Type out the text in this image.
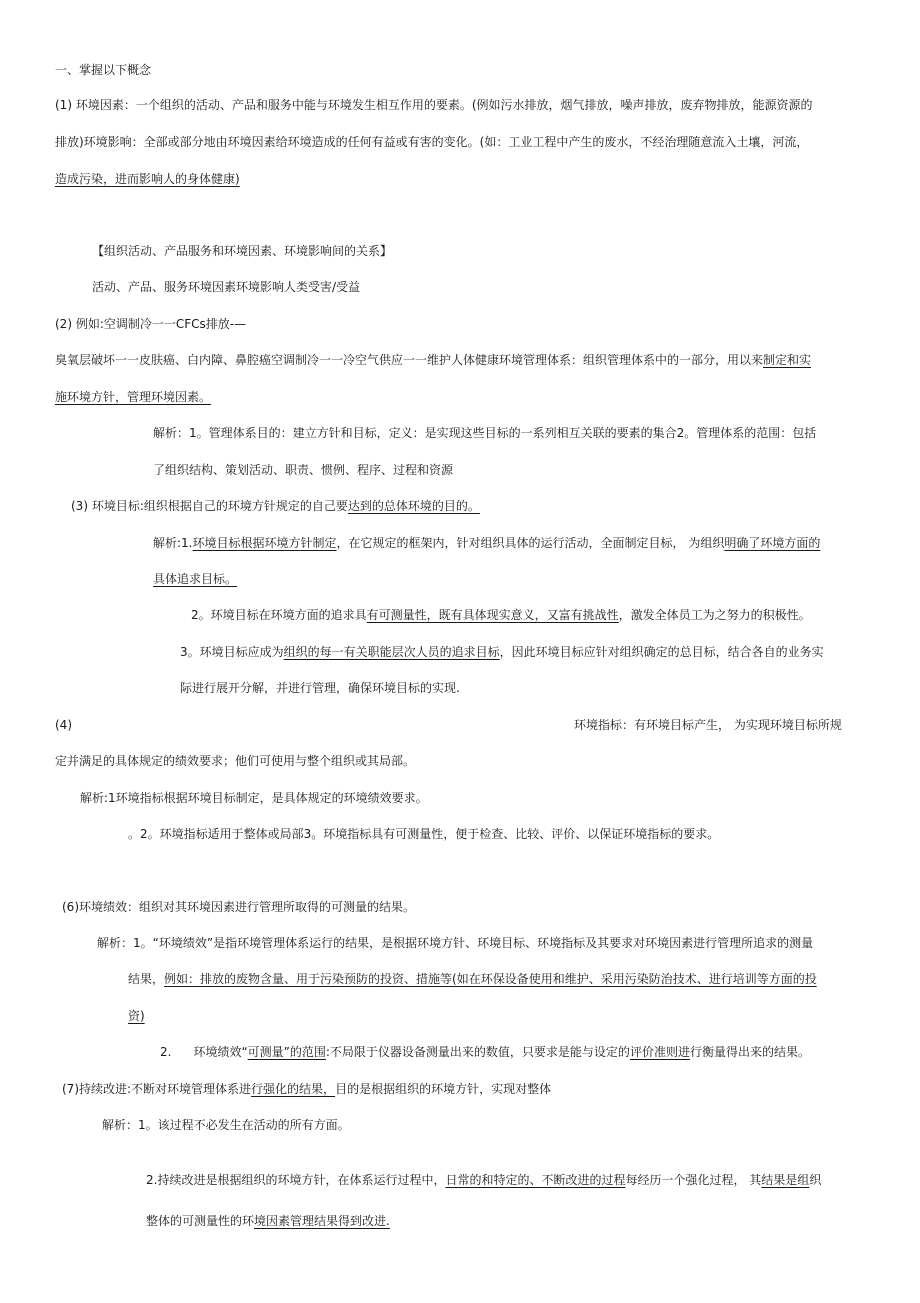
一、掌握以下概念

(1) 环境因素：一个组织的活动、产品和服务中能与环境发生相互作用的要素。(例如污水排放，烟气排放，噪声排放，废弃物排放，能源资源的

排放)环境影响：全部或部分地由环境因素给环境造成的任何有益或有害的变化。(如：工业工程中产生的废水，不经治理随意流入土壤，河流，

造成污染，进而影响人的身体健康)

【组织活动、产品服务和环境因素、环境影响间的关系】

活动、产品、服务环境因素环境影响人类受害/受益

(2) 例如:空调制冷一一CFCs排放-—

臭氧层破坏一一皮肤癌、白内障、鼻腔癌空调制冷一一冷空气供应一一维护人体健康环境管理体系：组织管理体系中的一部分，用以来制定和实

施环境方针，管理环境因素。

解析：1。管理体系目的：建立方针和目标，定义：是实现这些目标的一系列相互关联的要素的集合2。管理体系的范围：包括

了组织结构、策划活动、职责、惯例、程序、过程和资源

(3) 环境目标:组织根据自己的环境方针规定的自己要达到的总体环境的目的。

解析:1.环境目标根据环境方针制定，在它规定的框架内，针对组织具体的运行活动，全面制定目标， 为组织明确了环境方面的

具体追求目标。

2。环境目标在环境方面的追求具有可测量性，既有具体现实意义，又富有挑战性，激发全体员工为之努力的积极性。

3。环境目标应成为组织的每一有关职能层次人员的追求目标，因此环境目标应针对组织确定的总目标，结合各自的业务实

际进行展开分解，并进行管理，确保环境目标的实现.

(4)	环境指标：有环境目标产生， 为实现环境目标所规

定并满足的具体规定的绩效要求；他们可使用与整个组织或其局部。

解析:1环境指标根据环境目标制定，是具体规定的环境绩效要求。

。2。环境指标适用于整体或局部3。环境指标具有可测量性，便于检查、比较、评价、以保证环境指标的要求。

(6)环境绩效：组织对其环境因素进行管理所取得的可测量的结果。

解析：1。“环境绩效”是指环境管理体系运行的结果，是根据环境方针、环境目标、环境指标及其要求对环境因素进行管理所追求的测量

结果，例如：排放的废物含量、用于污染预防的投资、措施等(如在环保设备使用和维护、采用污染防治技术、进行培训等方面的投

资)

2. 环境绩效“可测量”的范围:不局限于仪器设备测量出来的数值，只要求是能与设定的评价准则进行衡量得出来的结果。

(7)持续改进:不断对环境管理体系进行强化的结果，目的是根据组织的环境方针，实现对整体

解析：1。该过程不必发生在活动的所有方面。

2.持续改进是根据组织的环境方针，在体系运行过程中，日常的和特定的、不断改进的过程每经历一个强化过程， 其结果是组织

整体的可测量性的环境因素管理结果得到改进.
